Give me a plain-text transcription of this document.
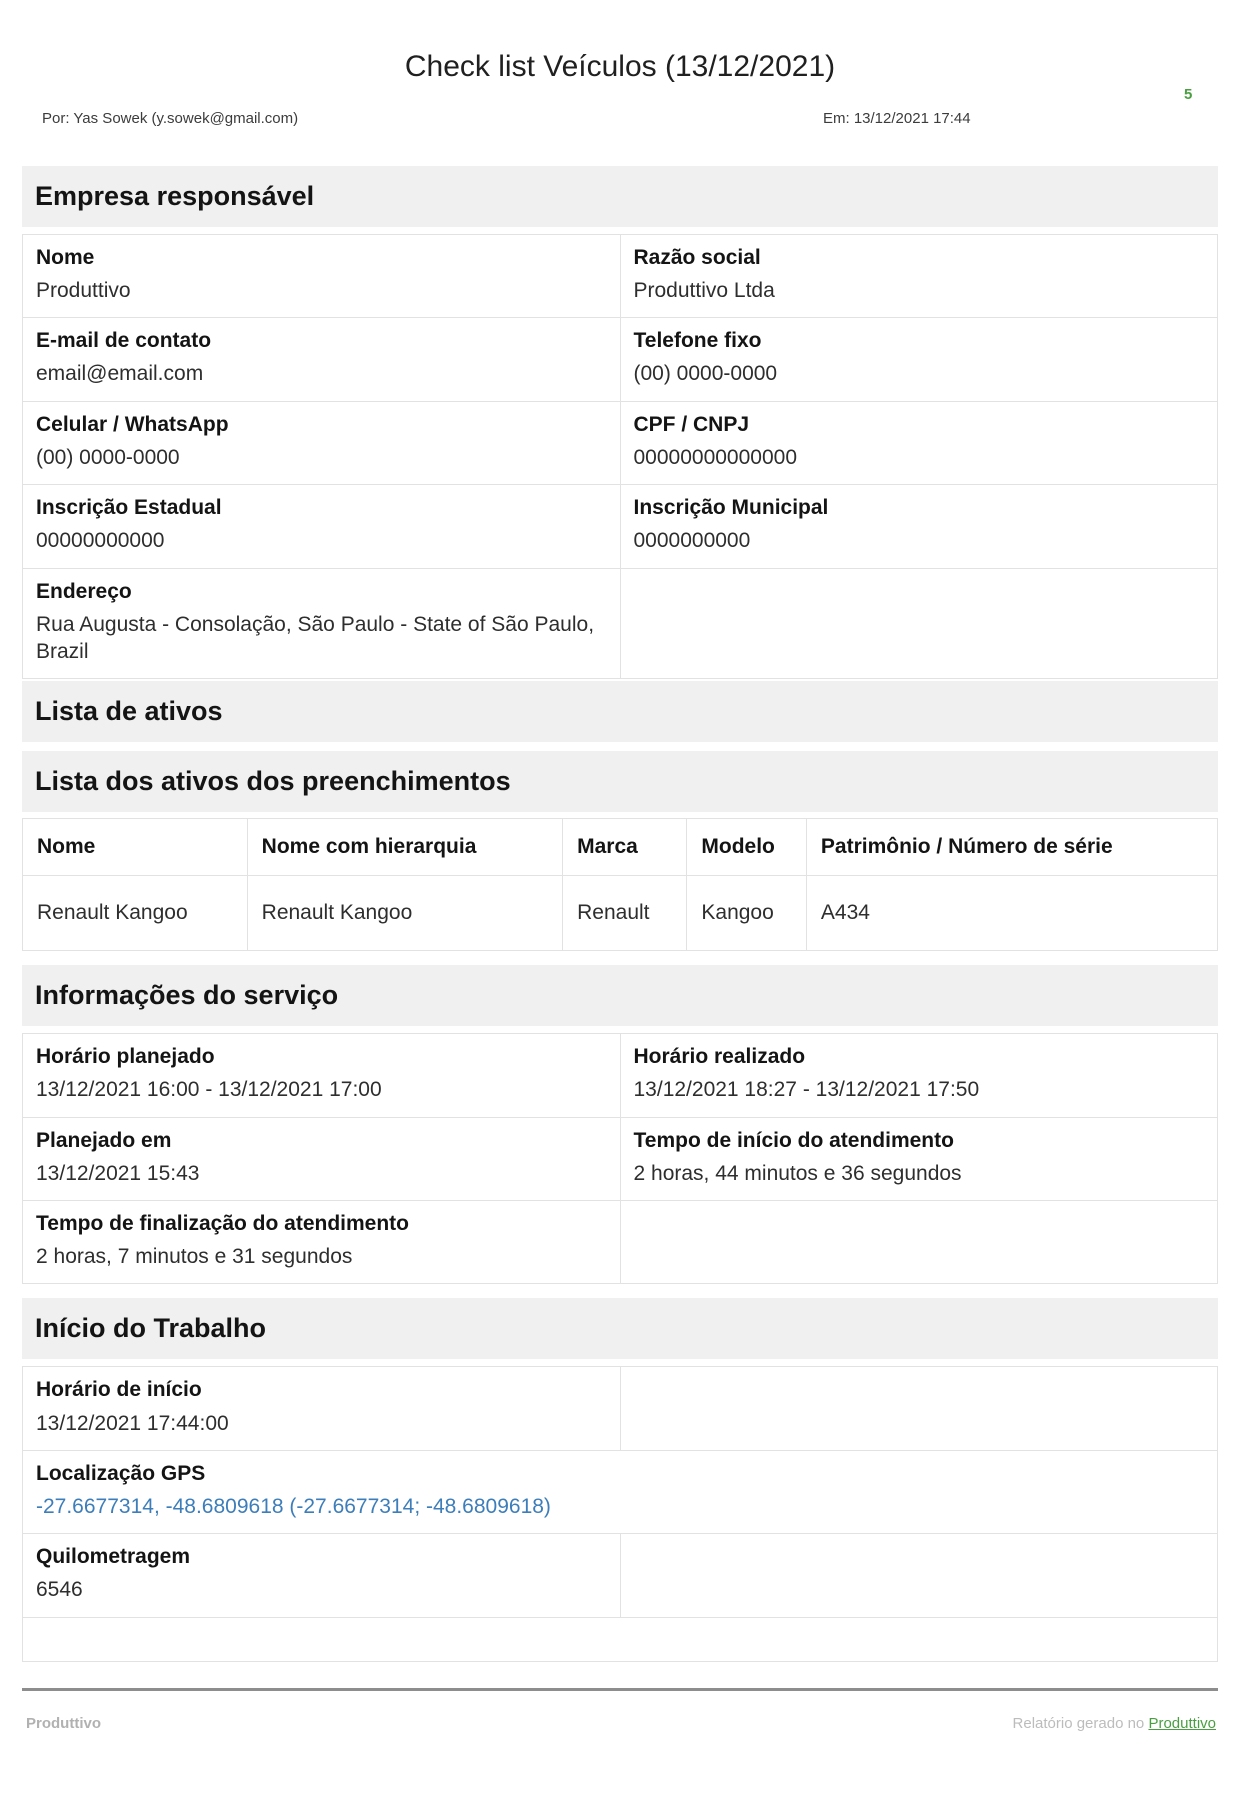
5
Check list Veículos (13/12/2021)
Por: Yas Sowek (y.sowek@gmail.com)	Em: 13/12/2021 17:44
Empresa responsável
Nome
Produttivo

Razão social
Produttivo Ltda

E-mail de contato
email@email.com

Telefone fixo
(00) 0000-0000

Celular / WhatsApp
(00) 0000-0000

CPF / CNPJ
00000000000000

Inscrição Estadual
00000000000

Inscrição Municipal
0000000000

Endereço
Rua Augusta - Consolação, São Paulo - State of São Paulo, Brazil	

Lista de ativos
Lista dos ativos dos preenchimentos
Nome	Nome com hierarquia	Marca	Modelo	Patrimônio / Número de série
Renault Kangoo	Renault Kangoo	Renault	Kangoo	A434
Informações do serviço
Horário planejado
13/12/2021 16:00 - 13/12/2021 17:00

Horário realizado
13/12/2021 18:27 - 13/12/2021 17:50

Planejado em
13/12/2021 15:43

Tempo de início do atendimento
2 horas, 44 minutos e 36 segundos

Tempo de finalização do atendimento
2 horas, 7 minutos e 31 segundos	

Início do Trabalho
Horário de início
13/12/2021 17:44:00	

Localização GPS
-27.6677314, -48.6809618 (-27.6677314; -48.6809618)	

Quilometragem
6546	

Produttivo	Relatório gerado no Produttivo
